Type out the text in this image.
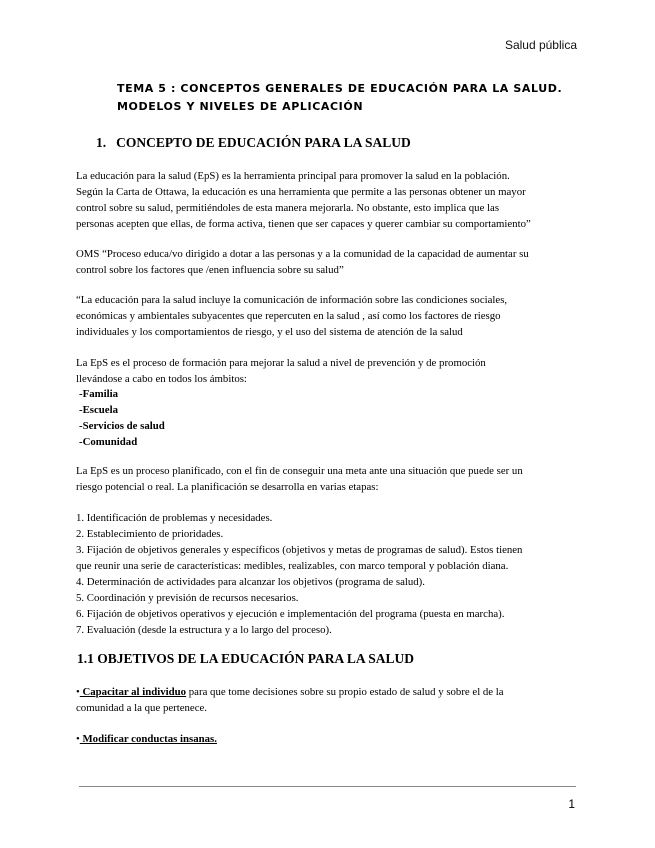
Salud pública
TEMA 5 : CONCEPTOS GENERALES DE EDUCACIÓN PARA LA SALUD.
MODELOS Y NIVELES DE APLICACIÓN
1. CONCEPTO DE EDUCACIÓN PARA LA SALUD
La educación para la salud (EpS) es la herramienta principal para promover la salud en la población.
Según la Carta de Ottawa, la educación es una herramienta que permite a las personas obtener un mayor
control sobre su salud, permitiéndoles de esta manera mejorarla. No obstante, esto implica que las
personas acepten que ellas, de forma activa, tienen que ser capaces y querer cambiar su comportamiento”
OMS “Proceso educa/vo dirigido a dotar a las personas y a la comunidad de la capacidad de aumentar su
control sobre los factores que /enen influencia sobre su salud”
“La educación para la salud incluye la comunicación de información sobre las condiciones sociales,
económicas y ambientales subyacentes que repercuten en la salud , así como los factores de riesgo
individuales y los comportamientos de riesgo, y el uso del sistema de atención de la salud
La EpS es el proceso de formación para mejorar la salud a nivel de prevención y de promoción
llevándose a cabo en todos los ámbitos:
-Familia
-Escuela
-Servicios de salud
-Comunidad
La EpS es un proceso planificado, con el fin de conseguir una meta ante una situación que puede ser un
riesgo potencial o real. La planificación se desarrolla en varias etapas:
1. Identificación de problemas y necesidades.
2. Establecimiento de prioridades.
3. Fijación de objetivos generales y específicos (objetivos y metas de programas de salud). Estos tienen
que reunir una serie de características: medibles, realizables, con marco temporal y población diana.
4. Determinación de actividades para alcanzar los objetivos (programa de salud).
5. Coordinación y previsión de recursos necesarios.
6. Fijación de objetivos operativos y ejecución e implementación del programa (puesta en marcha).
7. Evaluación (desde la estructura y a lo largo del proceso).
1.1 OBJETIVOS DE LA EDUCACIÓN PARA LA SALUD
• Capacitar al individuo para que tome decisiones sobre su propio estado de salud y sobre el de la
comunidad a la que pertenece.
• Modificar conductas insanas.
1
